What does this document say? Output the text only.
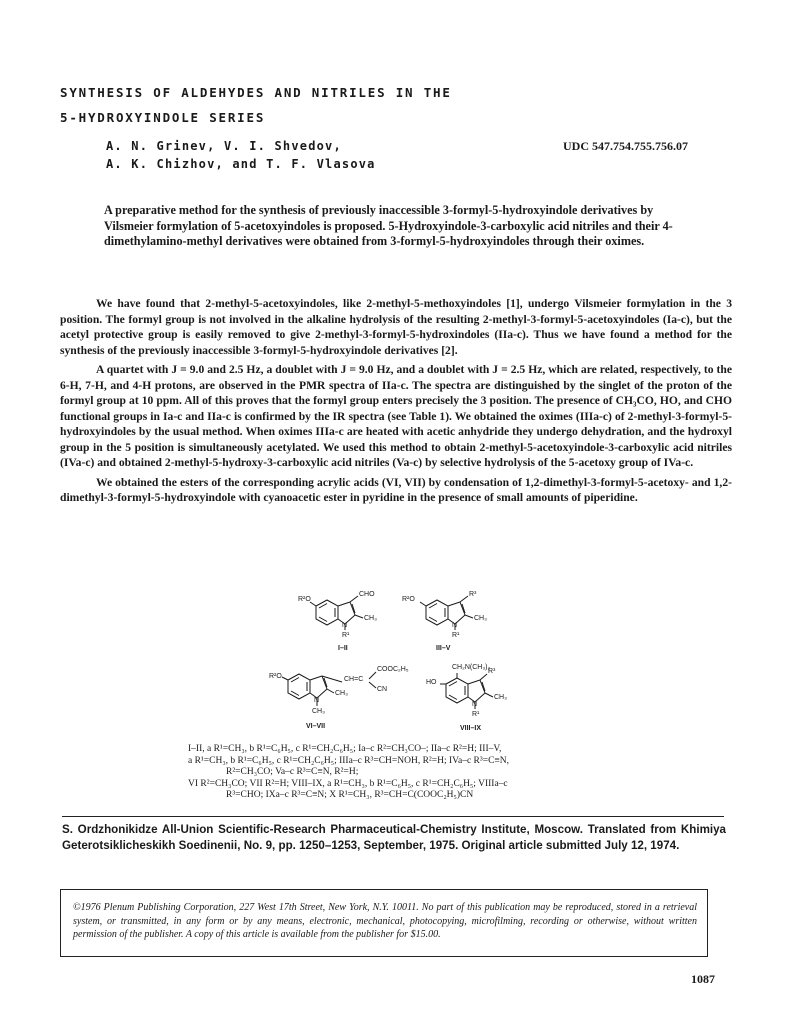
SYNTHESIS OF ALDEHYDES AND NITRILES IN THE
5-HYDROXYINDOLE SERIES
A. N. Grinev, V. I. Shvedov,
A. K. Chizhov, and T. F. Vlasova
UDC 547.754.755.756.07
A preparative method for the synthesis of previously inaccessible 3-formyl-5-hydroxyindole derivatives by Vilsmeier formylation of 5-acetoxyindoles is proposed. 5-Hydroxyindole-3-carboxylic acid nitriles and their 4-dimethylamino-methyl derivatives were obtained from 3-formyl-5-hydroxyindoles through their oximes.

We have found that 2-methyl-5-acetoxyindoles, like 2-methyl-5-methoxyindoles [1], undergo Vilsmeier formylation in the 3 position. The formyl group is not involved in the alkaline hydrolysis of the resulting 2-methyl-3-formyl-5-acetoxyindoles (Ia-c), but the acetyl protective group is easily removed to give 2-methyl-3-formyl-5-hydroxindoles (IIa-c). Thus we have found a method for the synthesis of the previously inaccessible 3-formyl-5-hydroxyindole derivatives [2].

A quartet with J = 9.0 and 2.5 Hz, a doublet with J = 9.0 Hz, and a doublet with J = 2.5 Hz, which are related, respectively, to the 6-H, 7-H, and 4-H protons, are observed in the PMR spectra of IIa-c. The spectra are distinguished by the singlet of the proton of the formyl group at 10 ppm. All of this proves that the formyl group enters precisely the 3 position. The presence of CH₃CO, HO, and CHO functional groups in Ia-c and IIa-c is confirmed by the IR spectra (see Table 1). We obtained the oximes (IIIa-c) of 2-methyl-3-formyl-5-hydroxyindoles by the usual method. When oximes IIIa-c are heated with acetic anhydride they undergo dehydration, and the hydroxyl group in the 5 position is simultaneously acetylated. We used this method to obtain 2-methyl-5-acetoxyindole-3-carboxylic acid nitriles (IVa-c) and obtained 2-methyl-5-hydroxy-3-carboxylic acid nitriles (Va-c) by selective hydrolysis of the 5-acetoxy group of IVa-c.

We obtained the esters of the corresponding acrylic acids (VI, VII) by condensation of 1,2-dimethyl-3-formyl-5-acetoxy- and 1,2-dimethyl-3-formyl-5-hydroxyindole with cyanoacetic ester in pyridine in the presence of small amounts of piperidine.

R²O
CHO
CH₃
N
R¹
I–II
R²O
R³
CH₃
N
R¹
III–V
R²O	CH=C
COOC₂H₅
CN
CH₃
N
CH₃
VI–VII
CH₂N(CH₃)₂
HO
R³
CH₃
N
R¹
VIII–IX
I–II, a R¹=CH₃, b R¹=C₆H₅, c R¹=CH₂C₆H₅; Ia–c R²=CH₃CO–; IIa–c R²=H; III–V,
a R¹=CH₃, b R¹=C₆H₅, c R¹=CH₂C₆H₅; IIIa–c R³=CH=NOH, R²=H; IVa–c R³=C≡N,
R²=CH₃CO; Va–c R³=C≡N, R²=H;
VI R²=CH₃CO; VII R²=H; VIII–IX, a R¹=CH₃, b R¹=C₆H₅, c R¹=CH₂C₆H₅; VIIIa–c
R³=CHO; IXa–c R³=C≡N; X R¹=CH₃, R³=CH=C(COOC₂H₅)CN
S. Ordzhonikidze All-Union Scientific-Research Pharmaceutical-Chemistry Institute, Moscow. Translated from Khimiya Geterotsiklicheskikh Soedinenii, No. 9, pp. 1250–1253, September, 1975. Original article submitted July 12, 1974.
©1976 Plenum Publishing Corporation, 227 West 17th Street, New York, N.Y. 10011. No part of this publication may be reproduced, stored in a retrieval system, or transmitted, in any form or by any means, electronic, mechanical, photocopying, microfilming, recording or otherwise, without written permission of the publisher. A copy of this article is available from the publisher for $15.00.
1087
